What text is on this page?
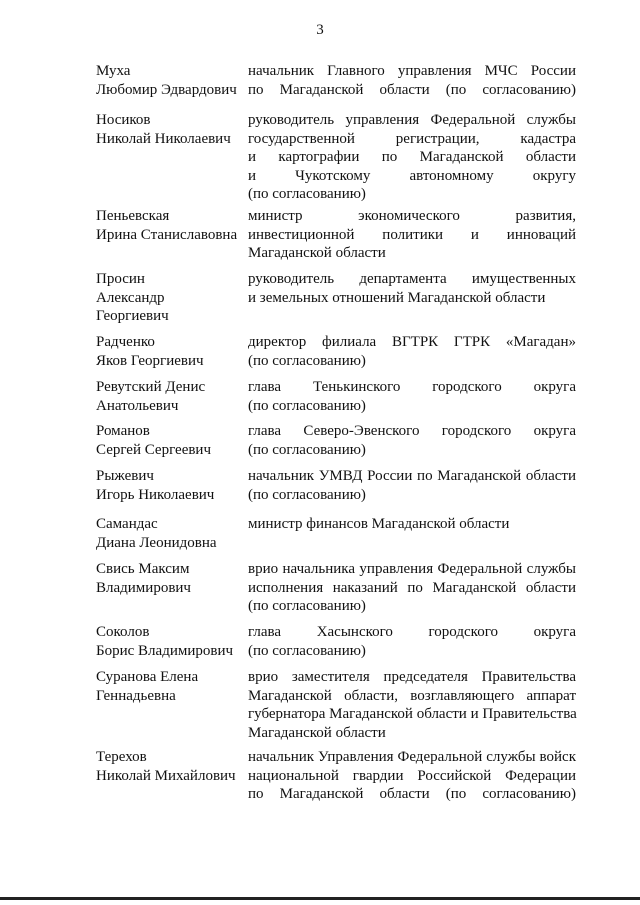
3
Муха
Любомир Эдвардович
начальник Главного управления МЧС России
по Магаданской области (по согласованию)
Носиков
Николай Николаевич
руководитель управления Федеральной службы
государственной регистрации, кадастра
и картографии по Магаданской области
и Чукотскому автономному округу
(по согласованию)
Пеньевская
Ирина Станиславовна
министр экономического развития,
инвестиционной политики и инноваций
Магаданской области
Просин
Александр
Георгиевич
руководитель департамента имущественных
и земельных отношений Магаданской области
Радченко
Яков Георгиевич
директор филиала ВГТРК ГТРК «Магадан»
(по согласованию)
Ревутский Денис
Анатольевич
глава Тенькинского городского округа
(по согласованию)
Романов
Сергей Сергеевич
глава Северо-Эвенского городского округа
(по согласованию)
Рыжевич
Игорь Николаевич
начальник УМВД России по Магаданской области
(по согласованию)
Самандас
Диана Леонидовна
министр финансов Магаданской области
Свись Максим
Владимирович
врио начальника управления Федеральной службы
исполнения наказаний по Магаданской области
(по согласованию)
Соколов
Борис Владимирович
глава Хасынского городского округа
(по согласованию)
Суранова Елена
Геннадьевна
врио заместителя председателя Правительства
Магаданской области, возглавляющего аппарат
губернатора Магаданской области и Правительства
Магаданской области
Терехов
Николай Михайлович
начальник Управления Федеральной службы войск
национальной гвардии Российской Федерации
по Магаданской области (по согласованию)
